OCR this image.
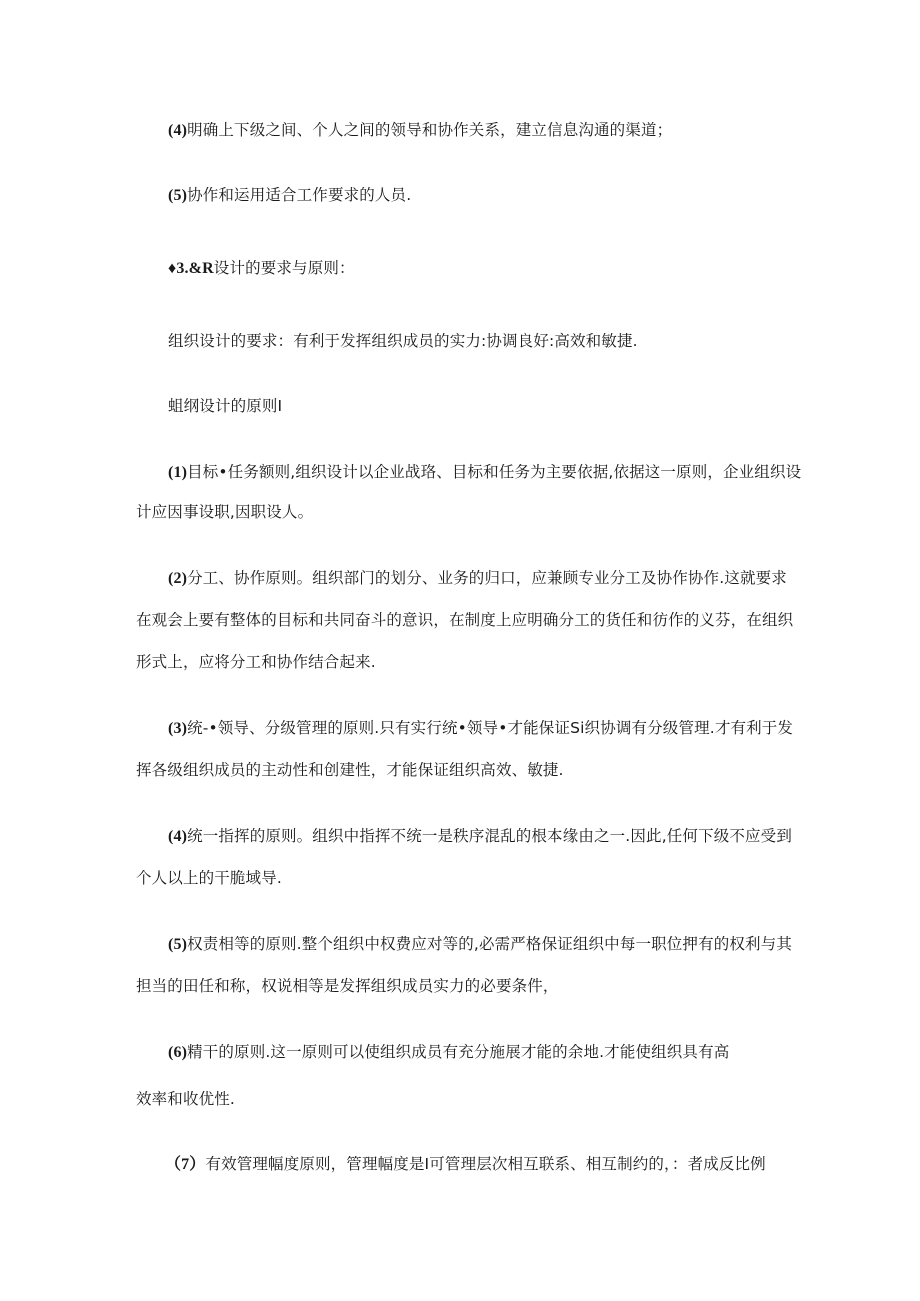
(4)明确上下级之间、个人之间的领导和协作关系，建立信息沟通的渠道；
(5)协作和运用适合工作要求的人员.
♦3.&R设计的要求与原则：
组织设计的要求：有利于发挥组织成员的实力:协调良好:高效和敏捷.
蛆纲设计的原则I
(1)目标•任务额则,组织设计以企业战珞、目标和任务为主要依据,依据这一原则，企业组织设
计应因事设职,因职设人。
(2)分工、协作原则。组织部门的划分、业务的归口，应兼顾专业分工及协作协作.这就要求
在观会上要有整体的目标和共同奋斗的意识，在制度上应明确分工的货任和彷作的义芬，在组织
形式上，应将分工和协作结合起来.
(3)统-•领导、分级管理的原则.只有实行统•领导•才能保证Si织协调有分级管理.才有利于发
挥各级组织成员的主动性和创建性，才能保证组织高效、敏捷.
(4)统一指挥的原则。组织中指挥不统一是秩序混乱的根本缘由之一.因此,任何下级不应受到
个人以上的干脆域导.
(5)权责相等的原则.整个组织中权费应对等的,必需严格保证组织中每一职位押有的权利与其
担当的田任和称，权说相等是发挥组织成员实力的必要条件，
(6)精干的原则.这一原则可以使组织成员有充分施展才能的余地.才能使组织具有高
效率和收优性.
（7）有效管理幅度原则，管理幅度是I可管理层次相互联系、相互制约的，：者成反比例
